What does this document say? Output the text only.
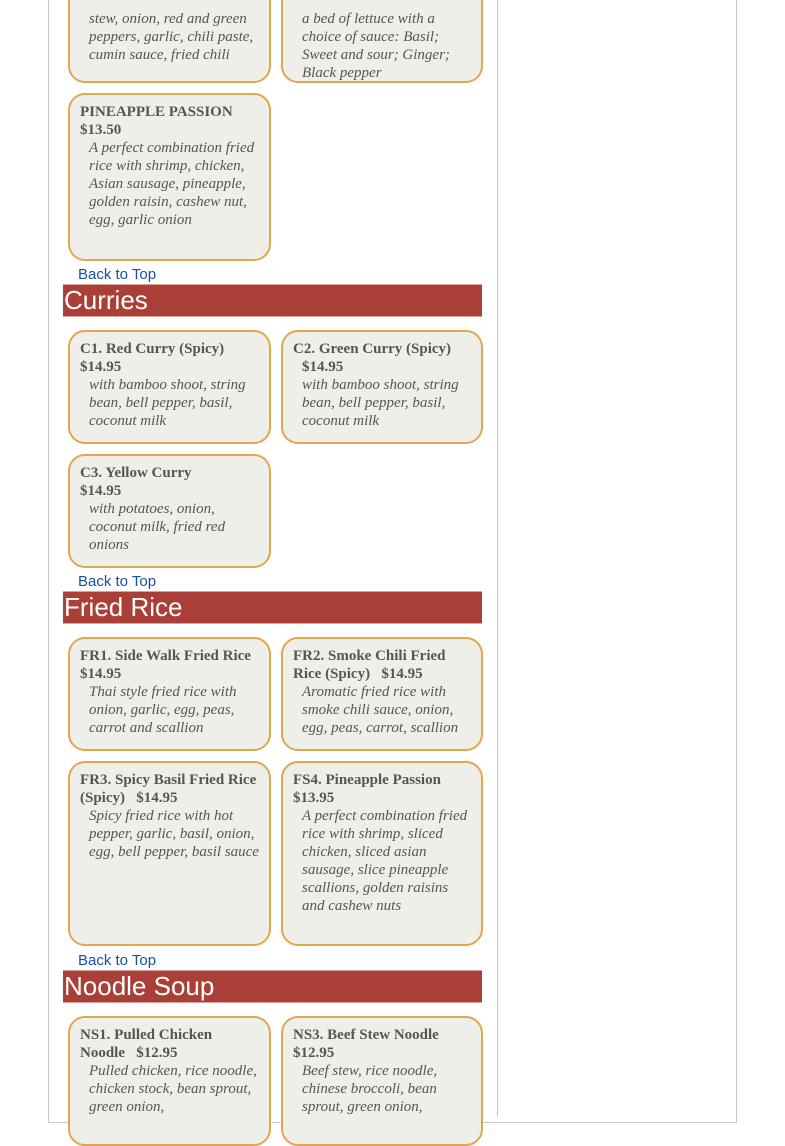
stew, onion, red and green peppers, garlic, chili paste, cumin sauce, fried chili
a bed of lettuce with a choice of sauce: Basil; Sweet and sour; Ginger; Black pepper
PINEAPPLE PASSION
$13.50
A perfect combination fried rice with shrimp, chicken, Asian sausage, pineapple, golden raisin, cashew nut, egg, garlic onion
Back to Top
Curries
C1. Red Curry (Spicy)
$14.95
with bamboo shoot, string bean, bell pepper, basil, coconut milk
C2. Green Curry (Spicy)
$14.95
with bamboo shoot, string bean, bell pepper, basil, coconut milk
C3. Yellow Curry
$14.95
with potatoes, onion, coconut milk, fried red onions
Back to Top
Fried Rice
FR1. Side Walk Fried Rice   $14.95
Thai style fried rice with onion, garlic, egg, peas, carrot and scallion
FR2. Smoke Chili Fried Rice (Spicy) $14.95
Aromatic fried rice with smoke chili sauce, onion, egg, peas, carrot, scallion
FR3. Spicy Basil Fried Rice (Spicy) $14.95
Spicy fried rice with hot pepper, garlic, basil, onion, egg, bell pepper, basil sauce
FS4. Pineapple Passion
$13.95
A perfect combination fried rice with shrimp, sliced chicken, sliced asian sausage, slice pineapple scallions, golden raisins and cashew nuts
Back to Top
Noodle Soup
NS1. Pulled Chicken Noodle $12.95
Pulled chicken, rice noodle, chicken stock, bean sprout, green onion,
NS3. Beef Stew Noodle
$12.95
Beef stew, rice noodle, chinese broccoli, bean sprout, green onion,
